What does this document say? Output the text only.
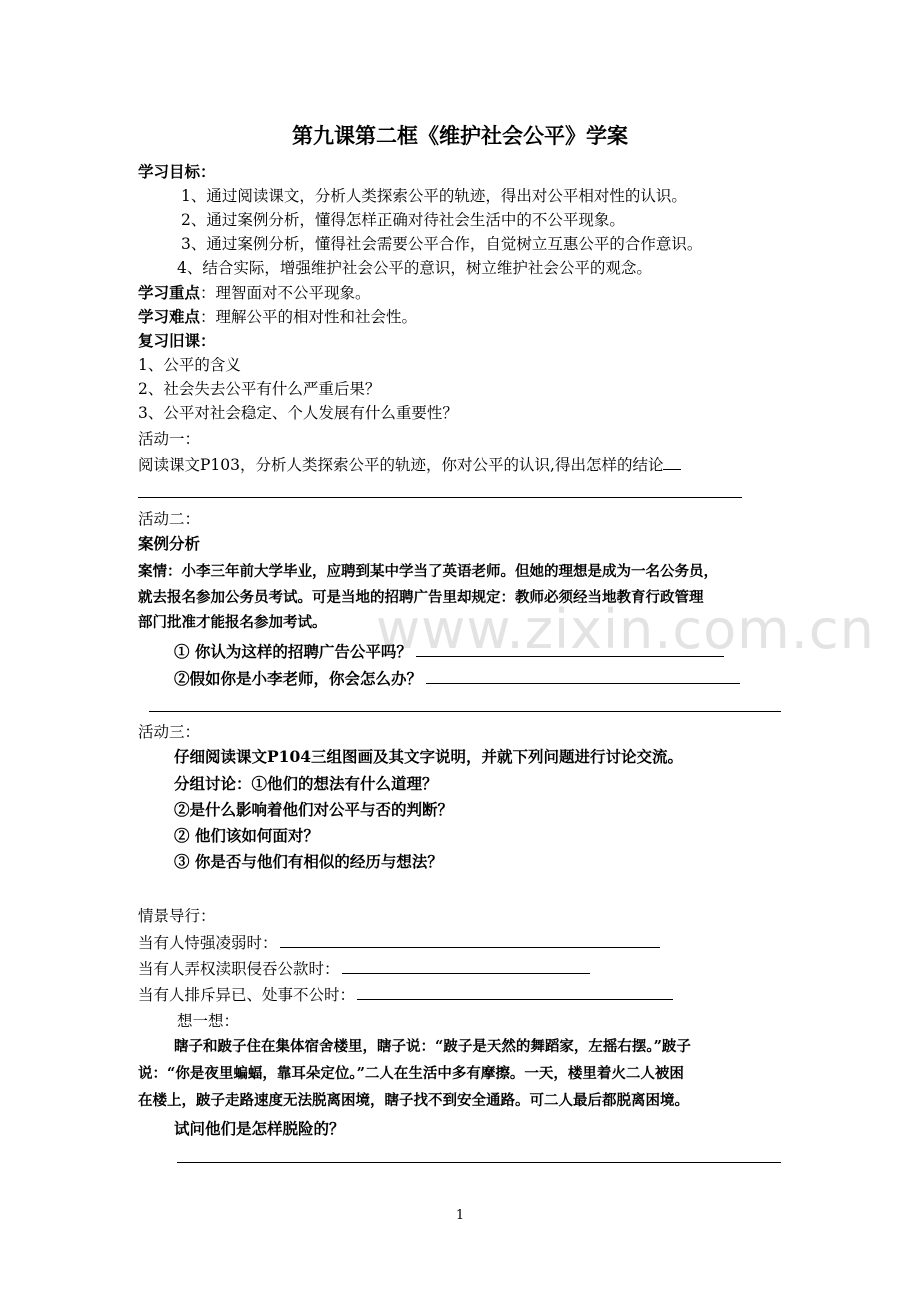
www.zixin.com.cn
第九课第二框《维护社会公平》学案
学习目标：
1、通过阅读课文，分析人类探索公平的轨迹，得出对公平相对性的认识。
2、通过案例分析，懂得怎样正确对待社会生活中的不公平现象。
3、通过案例分析，懂得社会需要公平合作，自觉树立互惠公平的合作意识。
4、结合实际，增强维护社会公平的意识，树立维护社会公平的观念。
学习重点：理智面对不公平现象。
学习难点：理解公平的相对性和社会性。
复习旧课：
1、公平的含义
2、社会失去公平有什么严重后果？
3、公平对社会稳定、个人发展有什么重要性？
活动一：
阅读课文P103，分析人类探索公平的轨迹，你对公平的认识,得出怎样的结论
活动二：
案例分析
案情：小李三年前大学毕业，应聘到某中学当了英语老师。但她的理想是成为一名公务员，
就去报名参加公务员考试。可是当地的招聘广告里却规定：教师必须经当地教育行政管理
部门批准才能报名参加考试。
① 你认为这样的招聘广告公平吗？
②假如你是小李老师，你会怎么办？
活动三：
仔细阅读课文P104三组图画及其文字说明，并就下列问题进行讨论交流。
分组讨论：①他们的想法有什么道理？
②是什么影响着他们对公平与否的判断？
② 他们该如何面对？
③ 你是否与他们有相似的经历与想法？
情景导行：
当有人恃强凌弱时：
当有人弄权渎职侵吞公款时：
当有人排斥异已、处事不公时：
想一想：
瞎子和跛子住在集体宿舍楼里，瞎子说：“跛子是天然的舞蹈家，左摇右摆。”跛子
说：“你是夜里蝙蝠，靠耳朵定位。”二人在生活中多有摩擦。一天，楼里着火二人被困
在楼上，跛子走路速度无法脱离困境，瞎子找不到安全通路。可二人最后都脱离困境。
试问他们是怎样脱险的？
1
